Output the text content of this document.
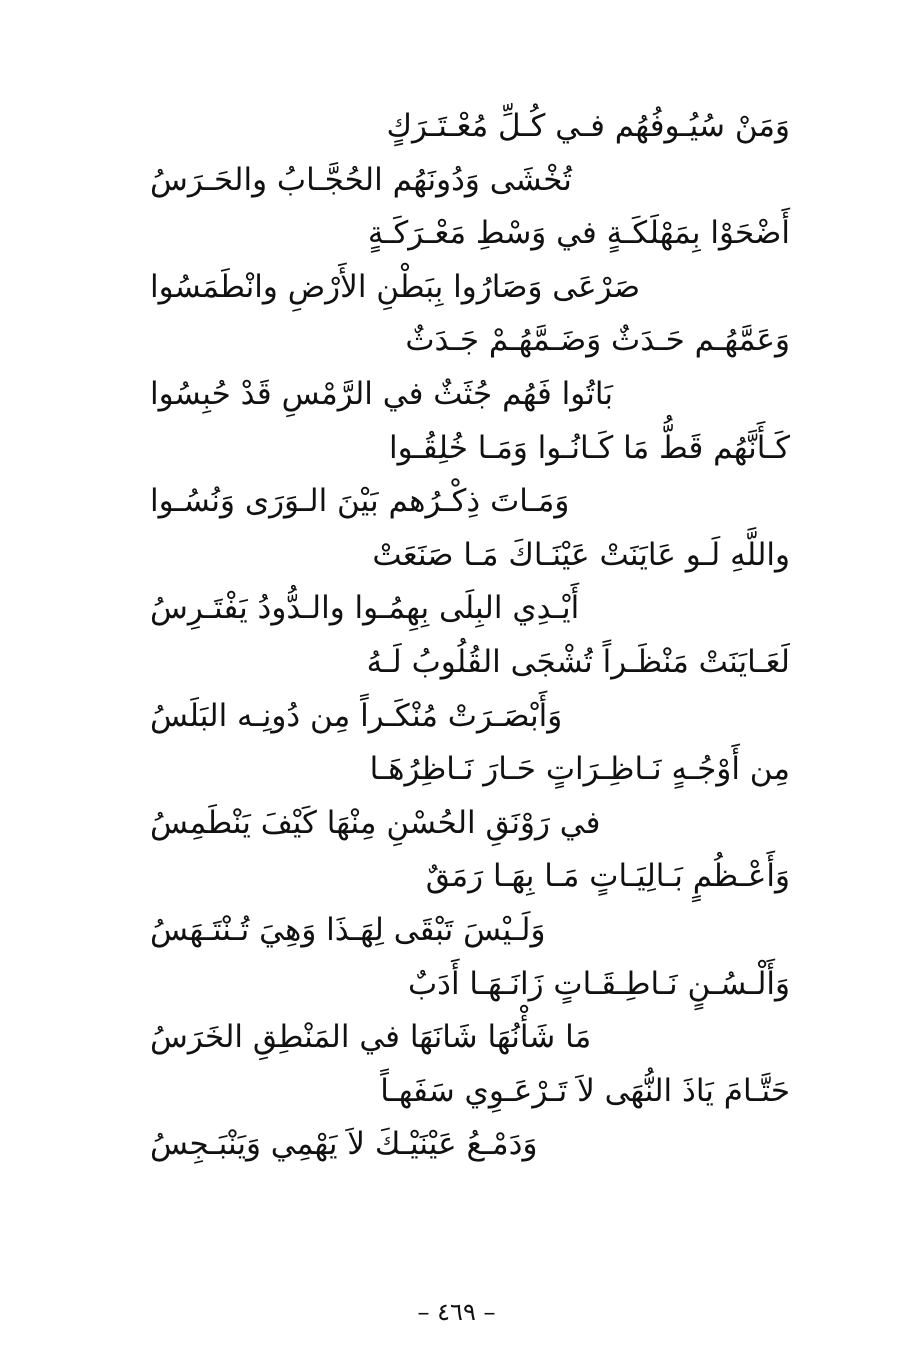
وَمَنْ سُيُـوفُهُم فـي كُـلِّ مُعْـتَـرَكٍ
تُخْشَى وَدُونَهُم الحُجَّـابُ والحَـرَسُ
أَضْحَوْا بِمَهْلَكَـةٍ في وَسْطِ مَعْـرَكَـةٍ
صَرْعَى وَصَارُوا بِبَطْنِ الأَرْضِ وانْطَمَسُوا
وَعَمَّهُـم حَـدَثٌ وَضَـمَّهُـمْ جَـدَثٌ
بَاتُوا فَهُم جُثَثٌ في الرَّمْسِ قَدْ حُبِسُوا
كَـأَنَّهُم قَطُّ مَا كَـانُـوا وَمَـا خُلِقُـوا
وَمَـاتَ ذِكْـرُهم بَيْنَ الـوَرَى وَنُسُـوا
واللَّهِ لَـو عَايَنَتْ عَيْنَـاكَ مَـا صَنَعَتْ
أَيْـدِي البِلَى بِهِمُـوا والـدُّودُ يَفْتَـرِسُ
لَعَـايَنَتْ مَنْظَـراً تُشْجَى القُلُوبُ لَـهُ
وَأَبْصَـرَتْ مُنْكَـراً مِن دُونِـه البَلَسُ
مِن أَوْجُـهٍ نَـاظِـرَاتٍ حَـارَ نَـاظِرُهَـا
في رَوْنَقِ الحُسْنِ مِنْهَا كَيْفَ يَنْطَمِسُ
وَأَعْـظُمٍ بَـالِيَـاتٍ مَـا بِهَـا رَمَقٌ
وَلَـيْسَ تَبْقَى لِهَـذَا وَهِيَ تُـنْتَـهَسُ
وَأَلْـسُـنٍ نَـاطِـقَـاتٍ زَانَـهَـا أَدَبٌ
مَا شَأْنُهَا شَانَهَا في المَنْطِقِ الخَرَسُ
حَتَّـامَ يَاذَ النُّهَى لاَ تَـرْعَـوِي سَفَهـاً
وَدَمْـعُ عَيْنَيْـكَ لاَ يَهْمِي وَيَنْبَـجِسُ
– ٤٦٩ –
